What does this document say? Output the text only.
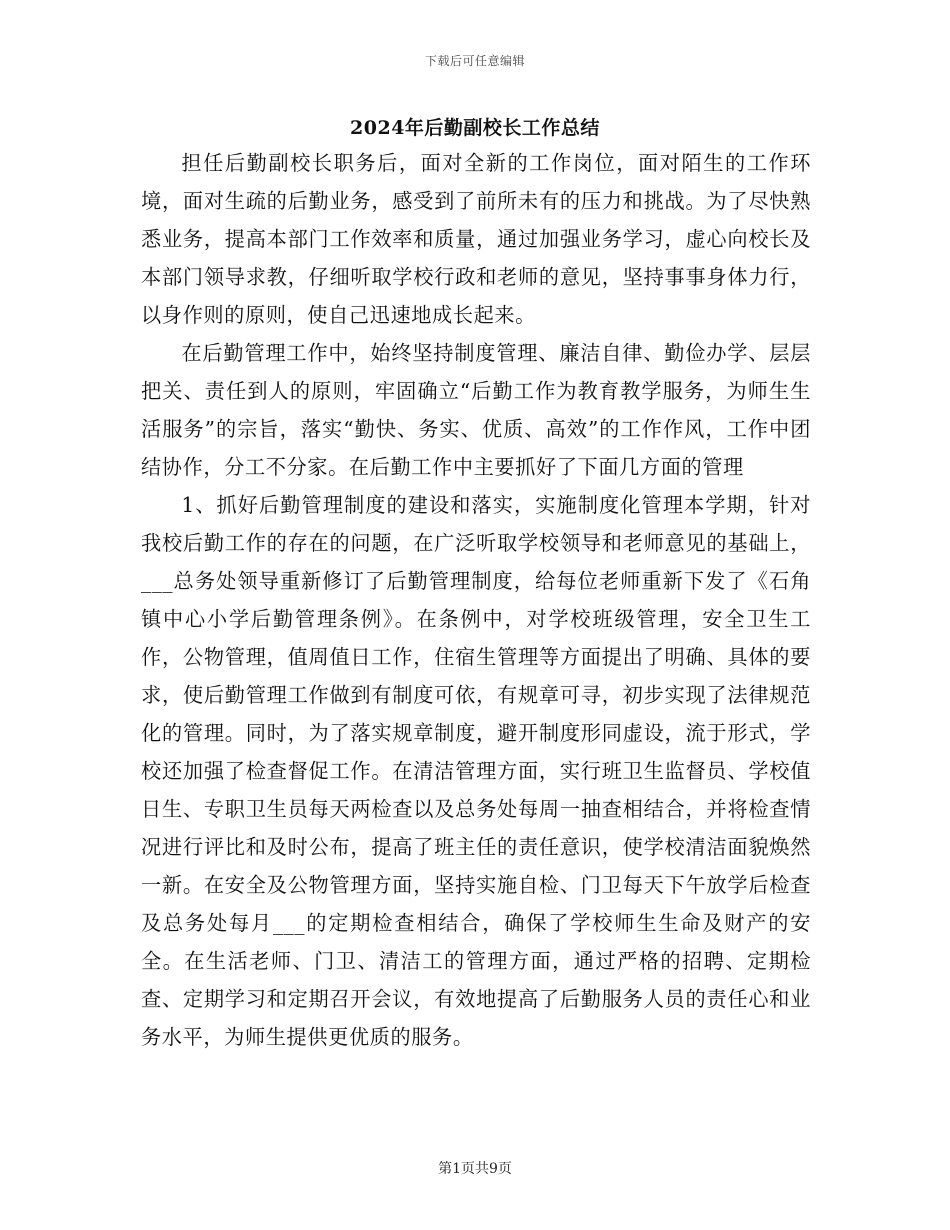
下载后可任意编辑
2024年后勤副校长工作总结

担任后勤副校长职务后，面对全新的工作岗位，面对陌生的工作环境，面对生疏的后勤业务，感受到了前所未有的压力和挑战。为了尽快熟悉业务，提高本部门工作效率和质量，通过加强业务学习，虚心向校长及本部门领导求教，仔细听取学校行政和老师的意见，坚持事事身体力行，以身作则的原则，使自己迅速地成长起来。

在后勤管理工作中，始终坚持制度管理、廉洁自律、勤俭办学、层层把关、责任到人的原则，牢固确立“后勤工作为教育教学服务，为师生生活服务”的宗旨，落实“勤快、务实、优质、高效”的工作作风，工作中团结协作，分工不分家。在后勤工作中主要抓好了下面几方面的管理

1、抓好后勤管理制度的建设和落实，实施制度化管理本学期，针对我校后勤工作的存在的问题，在广泛听取学校领导和老师意见的基础上，___总务处领导重新修订了后勤管理制度，给每位老师重新下发了《石角镇中心小学后勤管理条例》。在条例中，对学校班级管理，安全卫生工作，公物管理，值周值日工作，住宿生管理等方面提出了明确、具体的要求，使后勤管理工作做到有制度可依，有规章可寻，初步实现了法律规范化的管理。同时，为了落实规章制度，避开制度形同虚设，流于形式，学校还加强了检查督促工作。在清洁管理方面，实行班卫生监督员、学校值日生、专职卫生员每天两检查以及总务处每周一抽查相结合，并将检查情况进行评比和及时公布，提高了班主任的责任意识，使学校清洁面貌焕然一新。在安全及公物管理方面，坚持实施自检、门卫每天下午放学后检查及总务处每月___的定期检查相结合，确保了学校师生生命及财产的安全。在生活老师、门卫、清洁工的管理方面，通过严格的招聘、定期检查、定期学习和定期召开会议，有效地提高了后勤服务人员的责任心和业务水平，为师生提供更优质的服务。

第1页共9页
